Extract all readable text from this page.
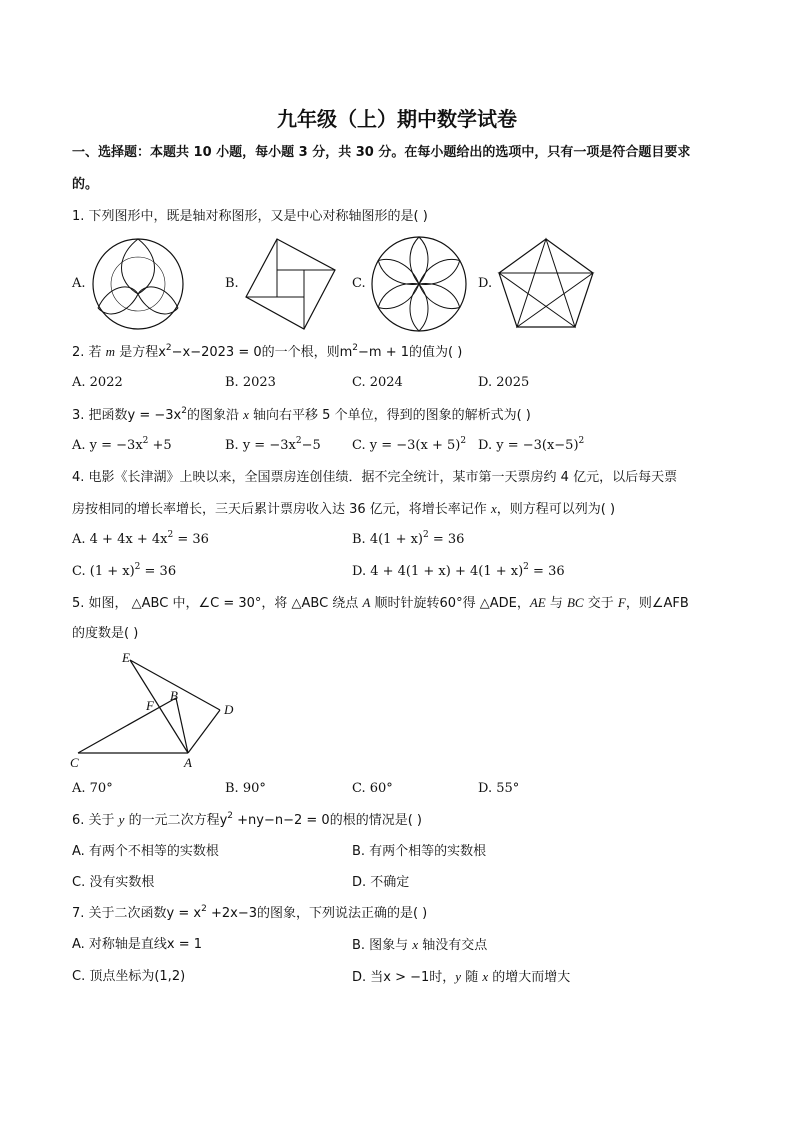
九年级（上）期中数学试卷
一、选择题：本题共 10 小题，每小题 3 分，共 30 分。在每小题给出的选项中，只有一项是符合题目要求
的。
1. 下列图形中，既是轴对称图形，又是中心对称轴图形的是( )
A.	B.	C.	D.
2. 若 m 是方程$x^2-x-2023 = 0$的一个根，则$m^2-m + 1$的值为( )
A. 2022	B. 2023	C. 2024	D. 2025
3. 把函数$y = -3x^2$的图象沿 x 轴向右平移 5 个单位，得到的图象的解析式为( )
A. $y = -3x^2 +5$	B. $y = -3x^2-5$ C. $y = -3(x + 5)^2$ D. $y = -3(x-5)^2$
4. 电影《长津湖》上映以来，全国票房连创佳绩．据不完全统计，某市第一天票房约 4 亿元，以后每天票
房按相同的增长率增长，三天后累计票房收入达 36 亿元，将增长率记作 x，则方程可以列为( )
A. $4 + 4x + 4x^2 = 36$	B. $4(1 + x)^2 = 36$
C. $(1 + x)^2 = 36$	D. $4 + 4(1 + x) + 4(1 + x)^2 = 36$
5. 如图， △ABC 中，∠C = 30°，将 △ABC 绕点 A 顺时针旋转60°得 △ADE，AE 与 BC 交于 F，则∠AFB
的度数是( )
E
B
F	D
C	A
A. 70°	B. 90°	C. 60°	D. 55°
6. 关于 y 的一元二次方程$y^2 +ny-n-2 = 0$的根的情况是( )
A. 有两个不相等的实数根	B. 有两个相等的实数根
C. 没有实数根	D. 不确定
7. 关于二次函数$y = x^2 +2x-3$的图象，下列说法正确的是( )
A. 对称轴是直线x = 1	B. 图象与 x 轴没有交点
C. 顶点坐标为(1,2)	D. 当x > −1时，y 随 x 的增大而增大
